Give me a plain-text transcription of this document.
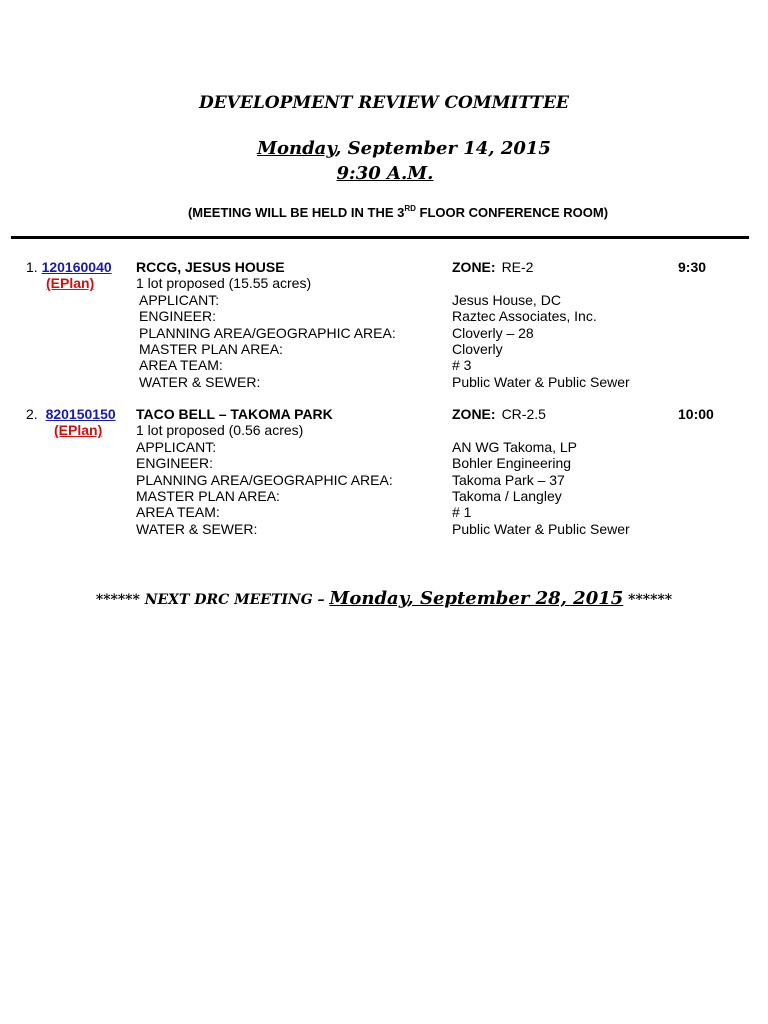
DEVELOPMENT REVIEW COMMITTEE
Monday, September 14, 2015
9:30 A.M.
(MEETING WILL BE HELD IN THE 3RD FLOOR CONFERENCE ROOM)
1. 120160040
(EPlan)
RCCG, JESUS HOUSE
1 lot proposed (15.55 acres)
APPLICANT:
ENGINEER:
PLANNING AREA/GEOGRAPHIC AREA:
MASTER PLAN AREA:
AREA TEAM:
WATER & SEWER:
ZONE: RE-2
Jesus House, DC
Raztec Associates, Inc.
Cloverly – 28
Cloverly
# 3
Public Water & Public Sewer
9:30
2. 820150150
(EPlan)
TACO BELL – TAKOMA PARK
1 lot proposed (0.56 acres)
APPLICANT:
ENGINEER:
PLANNING AREA/GEOGRAPHIC AREA:
MASTER PLAN AREA:
AREA TEAM:
WATER & SEWER:
ZONE: CR-2.5
AN WG Takoma, LP
Bohler Engineering
Takoma Park – 37
Takoma / Langley
# 1
Public Water & Public Sewer
10:00
****** NEXT DRC MEETING – Monday, September 28, 2015 ******
